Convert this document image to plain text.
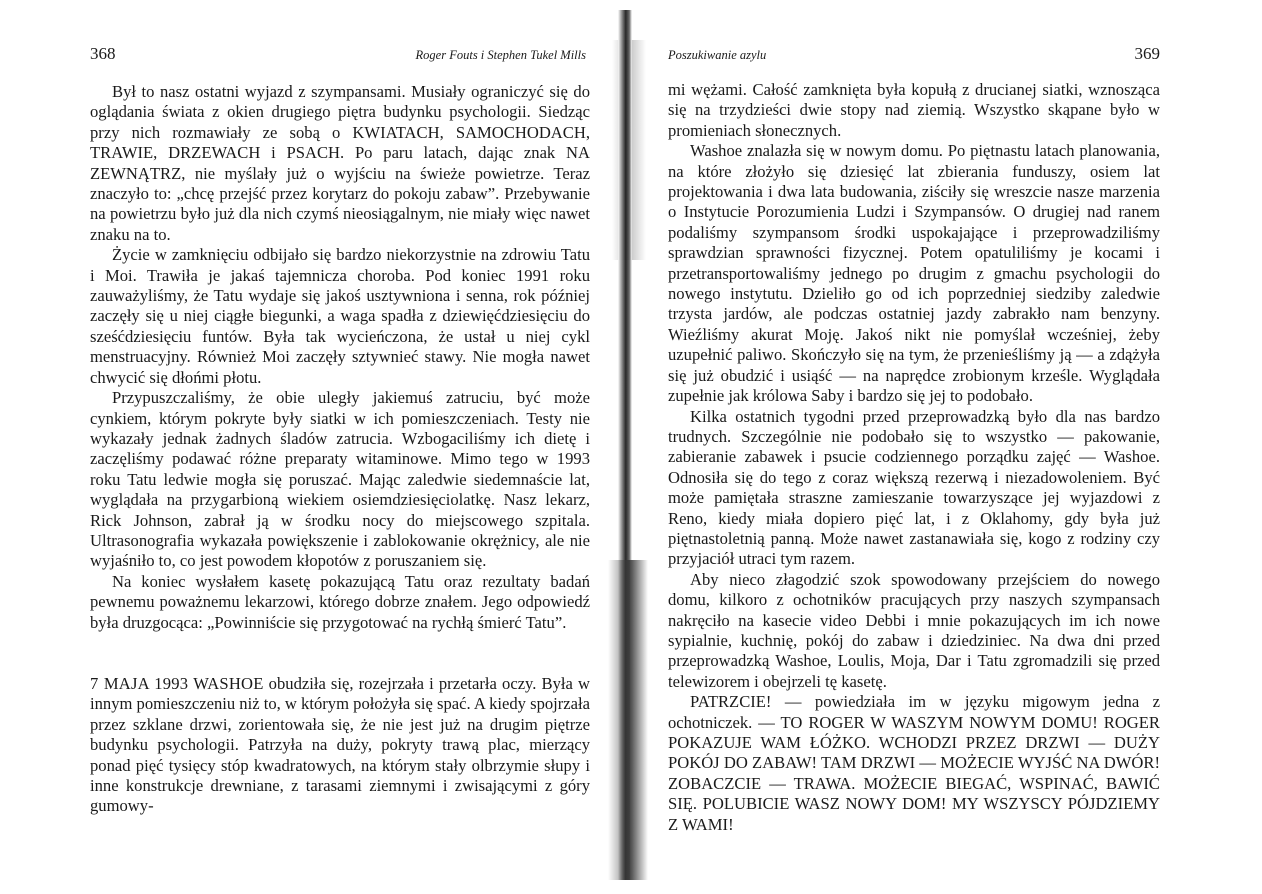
368	Roger Fouts i Stephen Tukel Mills

Był to nasz ostatni wyjazd z szympansami. Musiały ograniczyć się do oglądania świata z okien drugiego piętra budynku psychologii. Siedząc przy nich rozmawiały ze sobą o KWIATACH, SAMOCHODACH, TRAWIE, DRZEWACH i PSACH. Po paru latach, dając znak NA ZEWNĄTRZ, nie myślały już o wyjściu na świeże powietrze. Teraz znaczyło to: „chcę przejść przez korytarz do pokoju zabaw”. Przebywanie na powietrzu było już dla nich czymś nieosiągalnym, nie miały więc nawet znaku na to.

Życie w zamknięciu odbijało się bardzo niekorzystnie na zdrowiu Tatu i Moi. Trawiła je jakaś tajemnicza choroba. Pod koniec 1991 roku zauważyliśmy, że Tatu wydaje się jakoś usztywniona i senna, rok później zaczęły się u niej ciągłe biegunki, a waga spadła z dziewięćdziesięciu do sześćdziesięciu funtów. Była tak wycieńczona, że ustał u niej cykl menstruacyjny. Również Moi zaczęły sztywnieć stawy. Nie mogła nawet chwycić się dłońmi płotu.

Przypuszczaliśmy, że obie uległy jakiemuś zatruciu, być może cynkiem, którym pokryte były siatki w ich pomieszczeniach. Testy nie wykazały jednak żadnych śladów zatrucia. Wzbogaciliśmy ich dietę i zaczęliśmy podawać różne preparaty witaminowe. Mimo tego w 1993 roku Tatu ledwie mogła się poruszać. Mając zaledwie siedemnaście lat, wyglądała na przygarbioną wiekiem osiemdziesięciolatkę. Nasz lekarz, Rick Johnson, zabrał ją w środku nocy do miejscowego szpitala. Ultrasonografia wykazała powiększenie i zablokowanie okrężnicy, ale nie wyjaśniło to, co jest powodem kłopotów z poruszaniem się.

Na koniec wysłałem kasetę pokazującą Tatu oraz rezultaty badań pewnemu poważnemu lekarzowi, którego dobrze znałem. Jego odpowiedź była druzgocąca: „Powinniście się przygotować na rychłą śmierć Tatu”.

7 MAJA 1993 WASHOE obudziła się, rozejrzała i przetarła oczy. Była w innym pomieszczeniu niż to, w którym położyła się spać. A kiedy spojrzała przez szklane drzwi, zorientowała się, że nie jest już na drugim piętrze budynku psychologii. Patrzyła na duży, pokryty trawą plac, mierzący ponad pięć tysięcy stóp kwadratowych, na którym stały olbrzymie słupy i inne konstrukcje drewniane, z tarasami ziemnymi i zwisającymi z góry gumowy-

Poszukiwanie azylu	369

mi wężami. Całość zamknięta była kopułą z drucianej siatki, wznosząca się na trzydzieści dwie stopy nad ziemią. Wszystko skąpane było w promieniach słonecznych.

Washoe znalazła się w nowym domu. Po piętnastu latach planowania, na które złożyło się dziesięć lat zbierania funduszy, osiem lat projektowania i dwa lata budowania, ziściły się wreszcie nasze marzenia o Instytucie Porozumienia Ludzi i Szympansów. O drugiej nad ranem podaliśmy szympansom środki uspokajające i przeprowadziliśmy sprawdzian sprawności fizycznej. Potem opatuliliśmy je kocami i przetransportowaliśmy jednego po drugim z gmachu psychologii do nowego instytutu. Dzieliło go od ich poprzedniej siedziby zaledwie trzysta jardów, ale podczas ostatniej jazdy zabrakło nam benzyny. Wieźliśmy akurat Moję. Jakoś nikt nie pomyślał wcześniej, żeby uzupełnić paliwo. Skończyło się na tym, że przenieśliśmy ją — a zdążyła się już obudzić i usiąść — na naprędce zrobionym krześle. Wyglądała zupełnie jak królowa Saby i bardzo się jej to podobało.

Kilka ostatnich tygodni przed przeprowadzką było dla nas bardzo trudnych. Szczególnie nie podobało się to wszystko — pakowanie, zabieranie zabawek i psucie codziennego porządku zajęć — Washoe. Odnosiła się do tego z coraz większą rezerwą i niezadowoleniem. Być może pamiętała straszne zamieszanie towarzyszące jej wyjazdowi z Reno, kiedy miała dopiero pięć lat, i z Oklahomy, gdy była już piętnastoletnią panną. Może nawet zastanawiała się, kogo z rodziny czy przyjaciół utraci tym razem.

Aby nieco złagodzić szok spowodowany przejściem do nowego domu, kilkoro z ochotników pracujących przy naszych szympansach nakręciło na kasecie video Debbi i mnie pokazujących im ich nowe sypialnie, kuchnię, pokój do zabaw i dziedziniec. Na dwa dni przed przeprowadzką Washoe, Loulis, Moja, Dar i Tatu zgromadzili się przed telewizorem i obejrzeli tę kasetę.

PATRZCIE! — powiedziała im w języku migowym jedna z ochotniczek. — TO ROGER W WASZYM NOWYM DOMU! ROGER POKAZUJE WAM ŁÓŻKO. WCHODZI PRZEZ DRZWI — DUŻY POKÓJ DO ZABAW! TAM DRZWI — MOŻECIE WYJŚĆ NA DWÓR! ZOBACZCIE — TRAWA. MOŻECIE BIEGAĆ, WSPINAĆ, BAWIĆ SIĘ. POLUBICIE WASZ NOWY DOM! MY WSZYSCY PÓJDZIEMY Z WAMI!
